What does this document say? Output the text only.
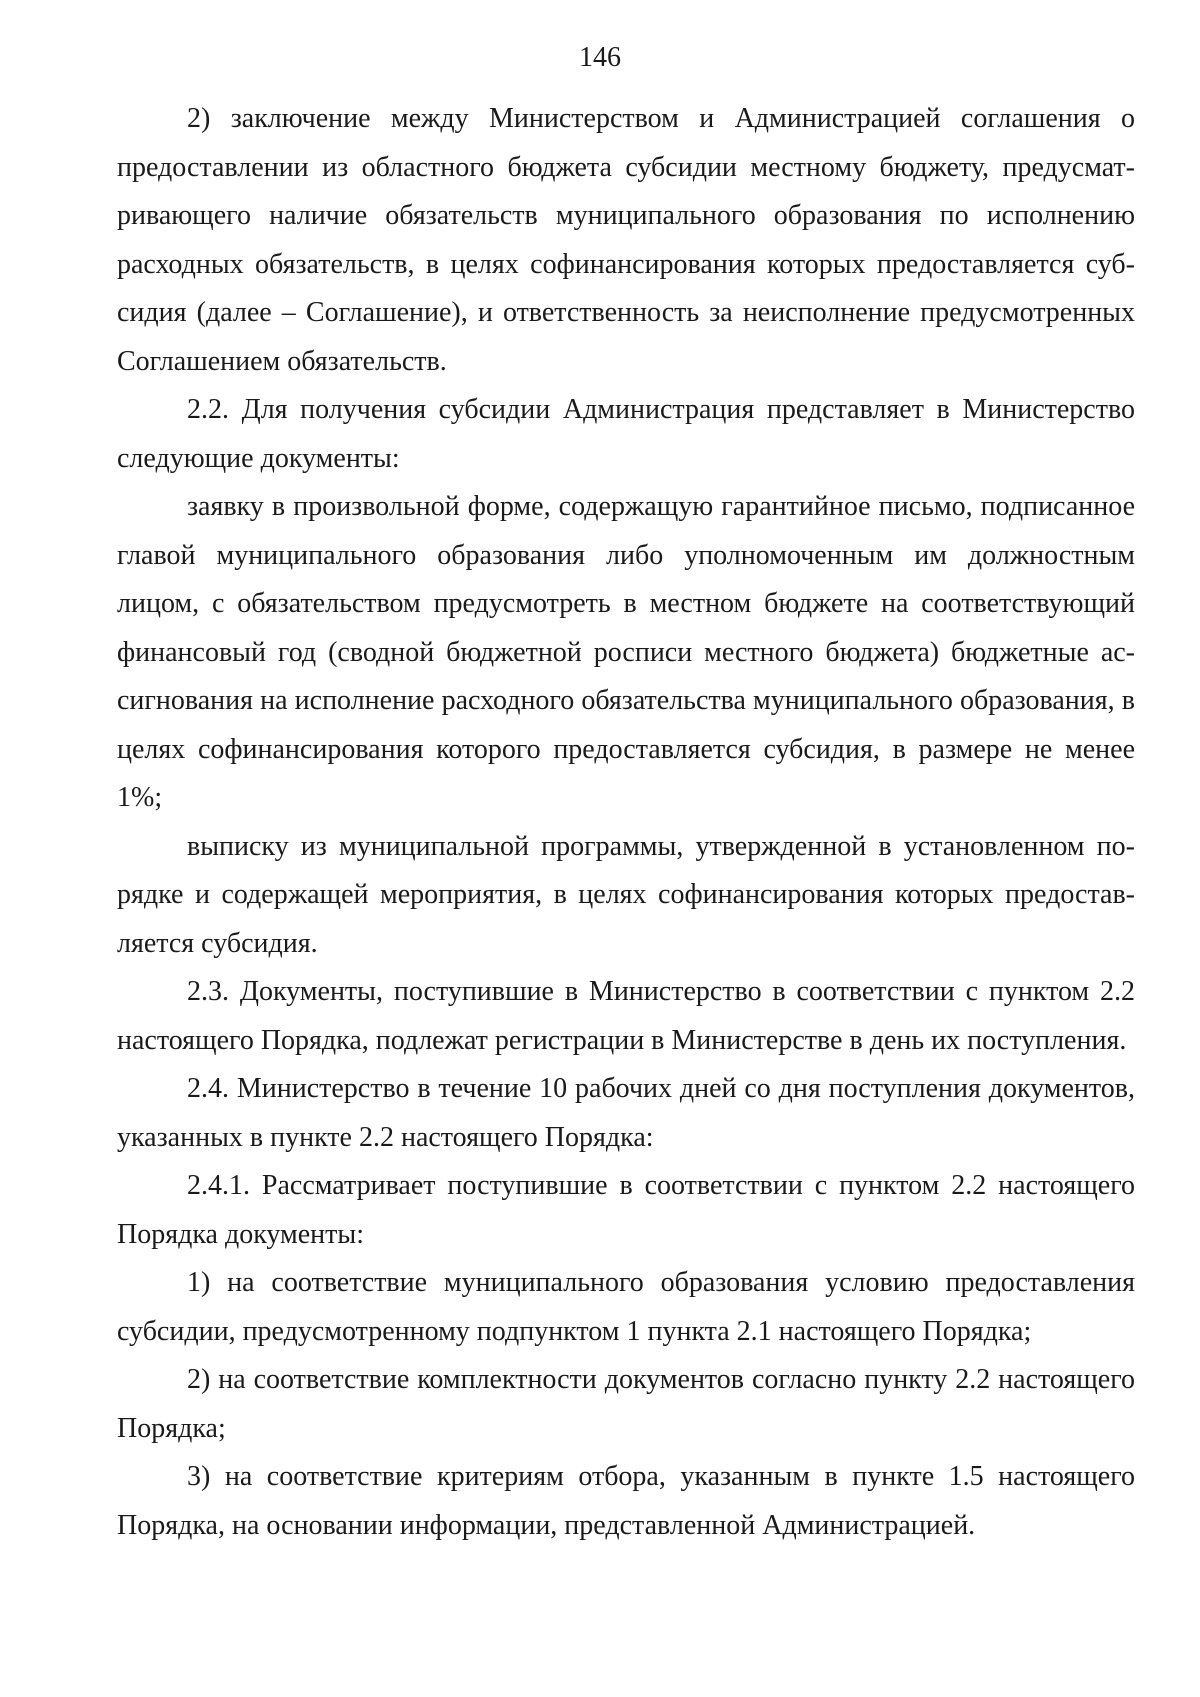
146

2) заключение между Министерством и Администрацией соглашения о предоставлении из областного бюджета субсидии местному бюджету, предусматривающего наличие обязательств муниципального образования по исполнению расходных обязательств, в целях софинансирования которых предоставляется субсидия (далее – Соглашение), и ответственность за неисполнение предусмотренных Соглашением обязательств.

2.2. Для получения субсидии Администрация представляет в Министерство следующие документы:

заявку в произвольной форме, содержащую гарантийное письмо, подписанное главой муниципального образования либо уполномоченным им должностным лицом, с обязательством предусмотреть в местном бюджете на соответствующий финансовый год (сводной бюджетной росписи местного бюджета) бюджетные ассигнования на исполнение расходного обязательства муниципального образования, в целях софинансирования которого предоставляется субсидия, в размере не менее 1%;

выписку из муниципальной программы, утвержденной в установленном порядке и содержащей мероприятия, в целях софинансирования которых предоставляется субсидия.

2.3. Документы, поступившие в Министерство в соответствии с пунктом 2.2 настоящего Порядка, подлежат регистрации в Министерстве в день их поступления.

2.4. Министерство в течение 10 рабочих дней со дня поступления документов, указанных в пункте 2.2 настоящего Порядка:

2.4.1. Рассматривает поступившие в соответствии с пунктом 2.2 настоящего Порядка документы:

1) на соответствие муниципального образования условию предоставления субсидии, предусмотренному подпунктом 1 пункта 2.1 настоящего Порядка;

2) на соответствие комплектности документов согласно пункту 2.2 настоящего Порядка;

3) на соответствие критериям отбора, указанным в пункте 1.5 настоящего Порядка, на основании информации, представленной Администрацией.
